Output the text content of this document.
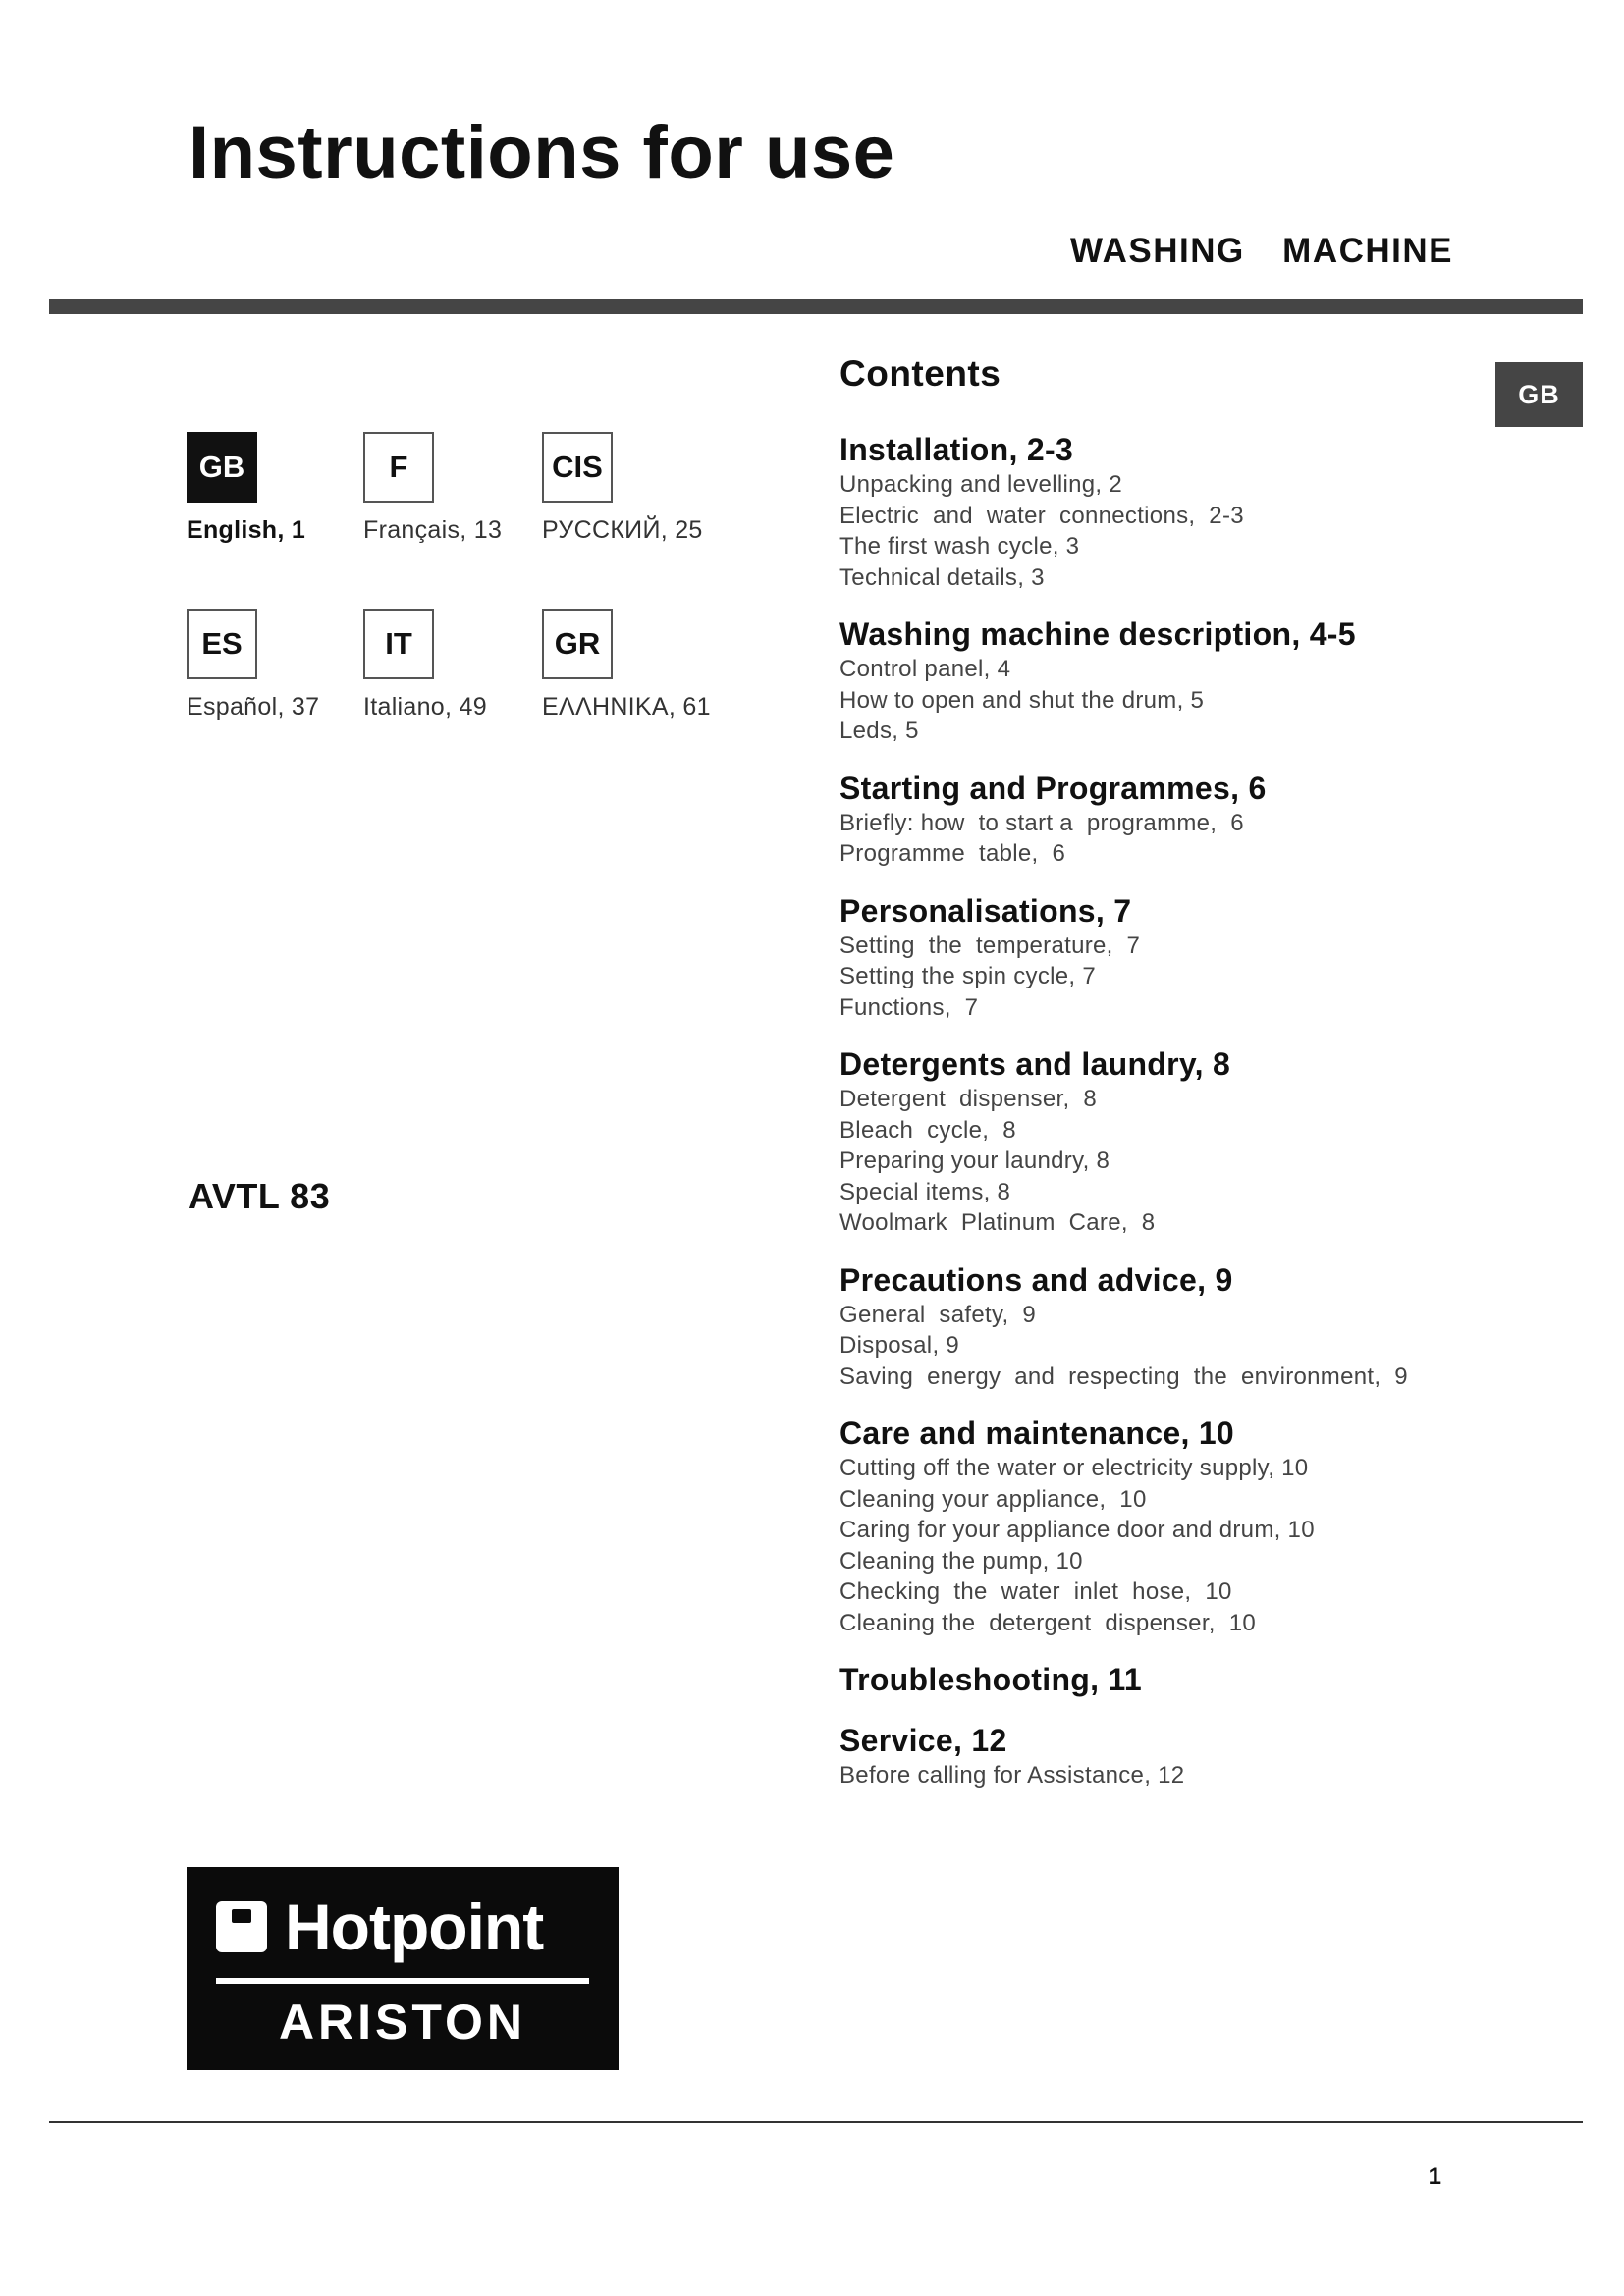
Instructions for use
WASHING  MACHINE
GB
GB
English, 1
F
Français, 13
CIS
РУССКИЙ, 25
ES
Español, 37
IT
Italiano, 49
GR
ΕΛΛΗΝΙΚΑ, 61
AVTL 83
Contents
Installation, 2-3
Unpacking and levelling, 2
Electric  and  water  connections,  2-3
The first wash cycle, 3
Technical details, 3
Washing machine description, 4-5
Control panel, 4
How to open and shut the drum, 5
Leds, 5
Starting and Programmes, 6
Briefly: how  to start a  programme,  6
Programme  table,  6
Personalisations, 7
Setting  the  temperature,  7
Setting the spin cycle, 7
Functions,  7
Detergents and laundry, 8
Detergent  dispenser,  8
Bleach  cycle,  8
Preparing your laundry, 8
Special items, 8
Woolmark  Platinum  Care,  8
Precautions and advice, 9
General  safety,  9
Disposal, 9
Saving  energy  and  respecting  the  environment,  9
Care and maintenance, 10
Cutting off the water or electricity supply, 10
Cleaning your appliance,  10
Caring for your appliance door and drum, 10
Cleaning the pump, 10
Checking  the  water  inlet  hose,  10
Cleaning the  detergent  dispenser,  10
Troubleshooting, 11
Service, 12
Before calling for Assistance, 12
Hotpoint
ARISTON
1
